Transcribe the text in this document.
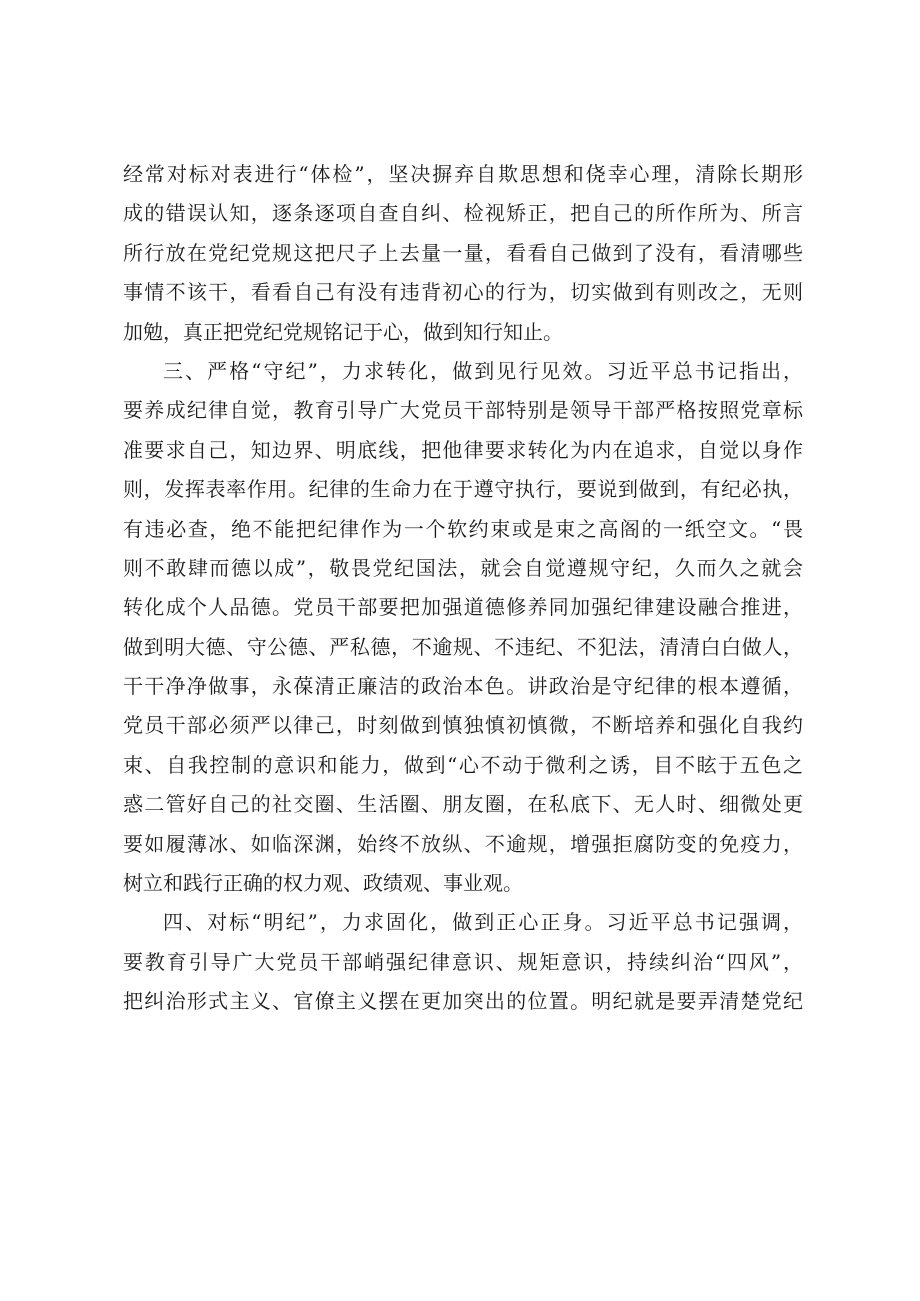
经常对标对表进行“体检”，坚决摒弃自欺思想和侥幸心理，清除长期形
成的错误认知，逐条逐项自查自纠、检视矫正，把自己的所作所为、所言
所行放在党纪党规这把尺子上去量一量，看看自己做到了没有，看清哪些
事情不该干，看看自己有没有违背初心的行为，切实做到有则改之，无则
加勉，真正把党纪党规铭记于心，做到知行知止。
三、严格“守纪”，力求转化，做到见行见效。习近平总书记指出，
要养成纪律自觉，教育引导广大党员干部特别是领导干部严格按照党章标
准要求自己，知边界、明底线，把他律要求转化为内在追求，自觉以身作
则，发挥表率作用。纪律的生命力在于遵守执行，要说到做到，有纪必执，
有违必查，绝不能把纪律作为一个软约束或是束之高阁的一纸空文。“畏
则不敢肆而德以成”，敬畏党纪国法，就会自觉遵规守纪，久而久之就会
转化成个人品德。党员干部要把加强道德修养同加强纪律建设融合推进，
做到明大德、守公德、严私德，不逾规、不违纪、不犯法，清清白白做人，
干干净净做事，永葆清正廉洁的政治本色。讲政治是守纪律的根本遵循，
党员干部必须严以律己，时刻做到慎独慎初慎微，不断培养和强化自我约
束、自我控制的意识和能力，做到“心不动于微利之诱，目不眩于五色之
惑二管好自己的社交圈、生活圈、朋友圈，在私底下、无人时、细微处更
要如履薄冰、如临深渊，始终不放纵、不逾规，增强拒腐防变的免疫力，
树立和践行正确的权力观、政绩观、事业观。
四、对标“明纪”，力求固化，做到正心正身。习近平总书记强调，
要教育引导广大党员干部峭强纪律意识、规矩意识，持续纠治“四风”，
把纠治形式主义、官僚主义摆在更加突出的位置。明纪就是要弄清楚党纪
